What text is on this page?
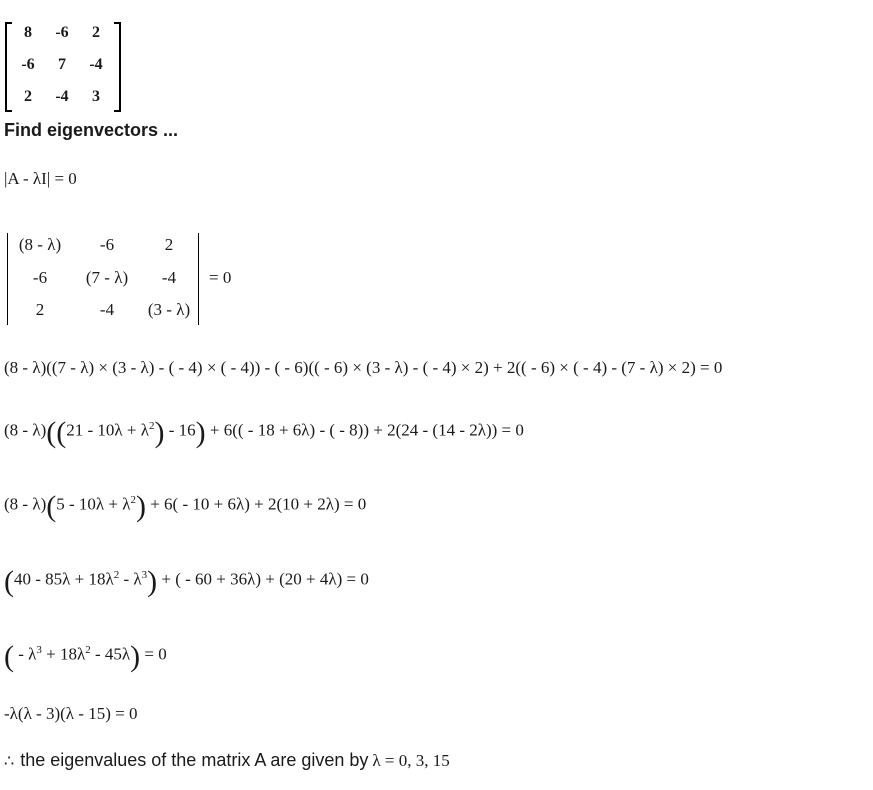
8	-6	2
-6	7	-4
2	-4	3
Find eigenvectors ...
|A - λI| = 0
(8 - λ)	-6	2
-6	(7 - λ)	-4
2	-4	(3 - λ)
= 0
(8 - λ)((7 - λ) × (3 - λ) - ( - 4) × ( - 4)) - ( - 6)(( - 6) × (3 - λ) - ( - 4) × 2) + 2(( - 6) × ( - 4) - (7 - λ) × 2) = 0
$(8 - \lambda)((21 - 10\lambda + \lambda^2) - 16) + 6(( - 18 + 6\lambda)$ - ( - 8)) + 2(24 - (14 - 2λ)) = 0
$(8 - \lambda)(5 - 10\lambda + \lambda^2) + 6( - 10 + 6\lambda) + 2(10 + 2\lambda) = 0$
$(40 - 85\lambda + 18\lambda^2 - \lambda^3)$ + ( - 60 + 36λ) + (20 + 4λ) = 0
( - $\lambda^3 + 18\lambda^2 - 45\lambda) = 0$
-λ(λ - 3)(λ - 15) = 0
∴ the eigenvalues of the matrix A are given by λ = 0, 3, 15
